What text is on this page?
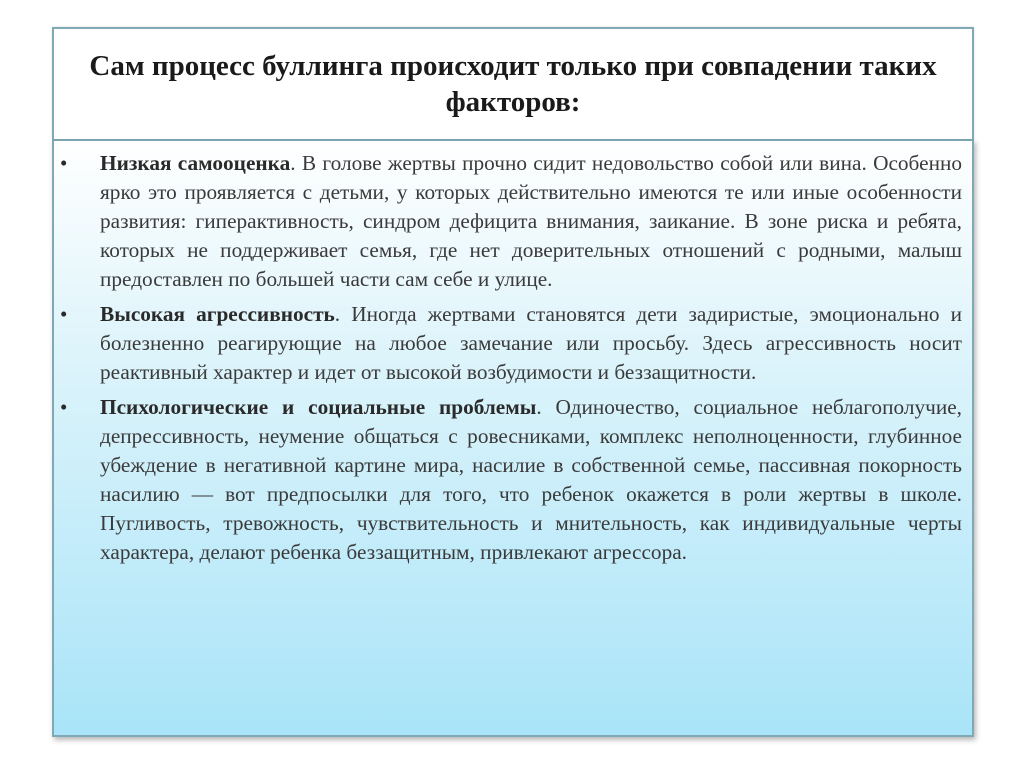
Сам процесс буллинга происходит только при совпадении таких факторов:
• Низкая самооценка. В голове жертвы прочно сидит недовольство собой или вина. Особенно ярко это проявляется с детьми, у которых действительно имеются те или иные особенности развития: гиперактивность, синдром дефицита внимания, заикание. В зоне риска и ребята, которых не поддерживает семья, где нет доверительных отношений с родными, малыш предоставлен по большей части сам себе и улице.
• Высокая агрессивность. Иногда жертвами становятся дети задиристые, эмоционально и болезненно реагирующие на любое замечание или просьбу. Здесь агрессивность носит реактивный характер и идет от высокой возбудимости и беззащитности.
• Психологические и социальные проблемы. Одиночество, социальное неблагополучие, депрессивность, неумение общаться с ровесниками, комплекс неполноценности, глубинное убеждение в негативной картине мира, насилие в собственной семье, пассивная покорность насилию — вот предпосылки для того, что ребенок окажется в роли жертвы в школе. Пугливость, тревожность, чувствительность и мнительность, как индивидуальные черты характера, делают ребенка беззащитным, привлекают агрессора.
